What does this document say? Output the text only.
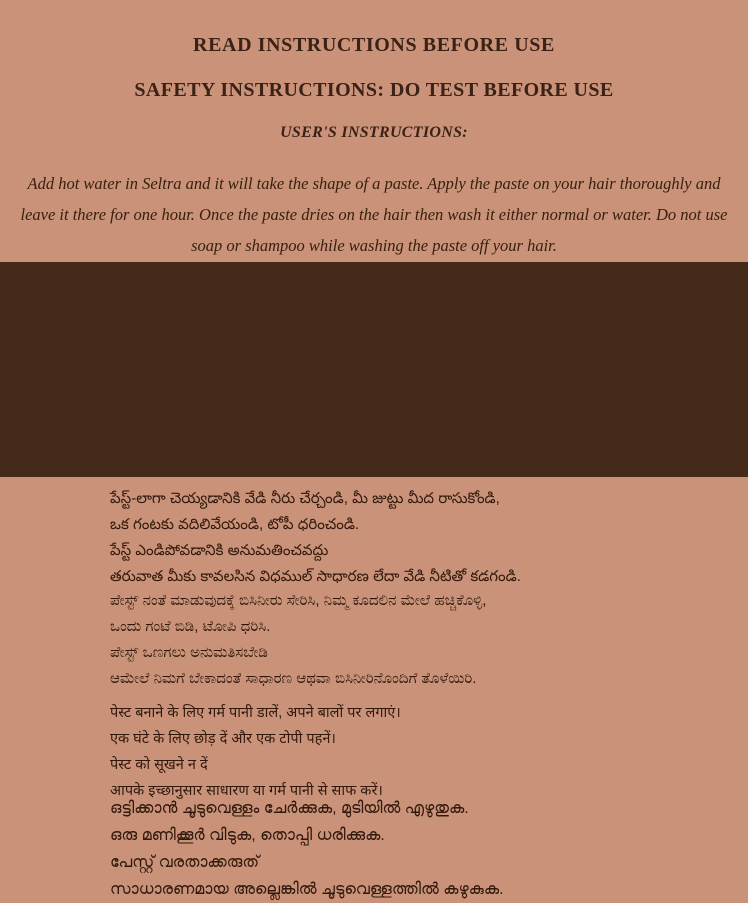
READ INSTRUCTIONS BEFORE USE
SAFETY INSTRUCTIONS: DO TEST BEFORE USE
USER'S INSTRUCTIONS:

Add hot water in Seltra and it will take the shape of a paste. Apply the paste on your hair thoroughly and leave it there for one hour. Once the paste dries on the hair then wash it either normal or water. Do not use soap or shampoo while washing the paste off your hair.

పేస్ట్-లాగా చెయ్యడానికి వేడి నీరు చేర్చండి, మీ జుట్టు మీద రాసుకోండి,
ఒక గంటకు వదిలివేయండి, టోపీ ధరించండి.
పేస్ట్ ఎండిపోవడానికి అనుమతించవద్దు
తరువాత మీకు కావలసిన విధముల్ సాధారణ లేదా వేడి నీటితో కడగండి.
ಪೇಸ್ಟ್ ನಂತೆ ಮಾಡುವುದಕ್ಕೆ ಬಿಸಿನೀರು ಸೇರಿಸಿ, ನಿಮ್ಮ ಕೂದಲಿನ ಮೇಲೆ ಹಚ್ಚಿಕೊಳ್ಳಿ,
ಒಂದು ಗಂಟೆ ಬಿಡಿ, ಟೋಪಿ ಧರಿಸಿ.
ಪೇಸ್ಟ್ ಒಣಗಲು ಅನುಮತಿಸಬೇಡಿ
ಆಮೇಲೆ ನಿಮಗೆ ಬೇಕಾದಂತೆ ಸಾಧಾರಣ ಆಥವಾ ಬಿಸಿನೀರಿನೊಂದಿಗೆ ತೊಳೆಯಿರಿ.
पेस्ट बनाने के लिए गर्म पानी डालें, अपने बालों पर लगाएं।
एक घंटे के लिए छोड़ दें और एक टोपी पहनें।
पेस्ट को सूखने न दें
आपके इच्छानुसार साधारण या गर्म पानी से साफ करें।
ഒട്ടിക്കാൻ ചൂടുവെള്ളം ചേർക്കുക, മുടിയിൽ എഴുതുക.
ഒരു മണിക്കൂർ വിടുക, തൊപ്പി ധരിക്കുക.
പേസ്റ്റ് വരതാക്കരുത്
സാധാരണമായ അല്ലെങ്കിൽ ചൂടുവെള്ളത്തിൽ കഴുകുക.
